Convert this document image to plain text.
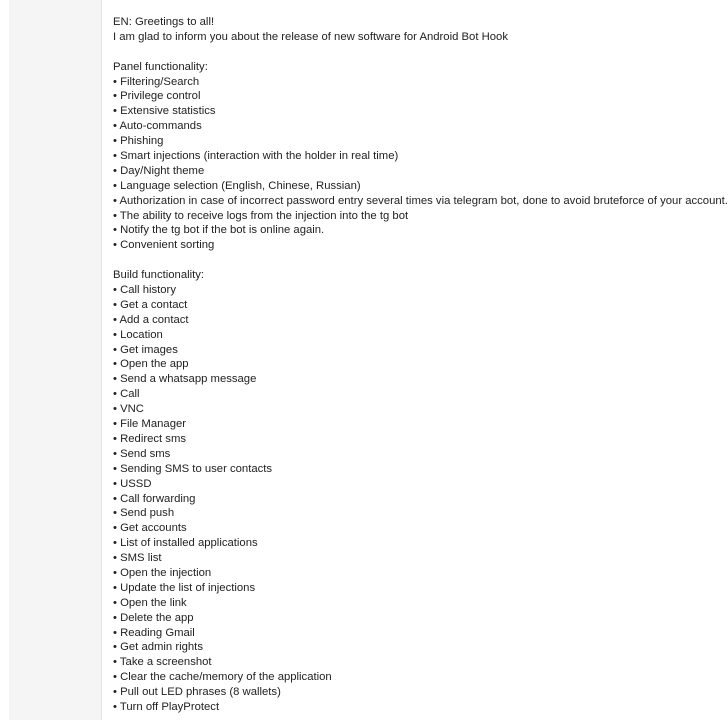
EN: Greetings to all!
I am glad to inform you about the release of new software for Android Bot Hook
Panel functionality:
• Filtering/Search
• Privilege control
• Extensive statistics
• Auto-commands
• Phishing
• Smart injections (interaction with the holder in real time)
• Day/Night theme
• Language selection (English, Chinese, Russian)
• Authorization in case of incorrect password entry several times via telegram bot, done to avoid bruteforce of your account.
• The ability to receive logs from the injection into the tg bot
• Notify the tg bot if the bot is online again.
• Convenient sorting
Build functionality:
• Call history
• Get a contact
• Add a contact
• Location
• Get images
• Open the app
• Send a whatsapp message
• Call
• VNC
• File Manager
• Redirect sms
• Send sms
• Sending SMS to user contacts
• USSD
• Call forwarding
• Send push
• Get accounts
• List of installed applications
• SMS list
• Open the injection
• Update the list of injections
• Open the link
• Delete the app
• Reading Gmail
• Get admin rights
• Take a screenshot
• Clear the cache/memory of the application
• Pull out LED phrases (8 wallets)
• Turn off PlayProtect
